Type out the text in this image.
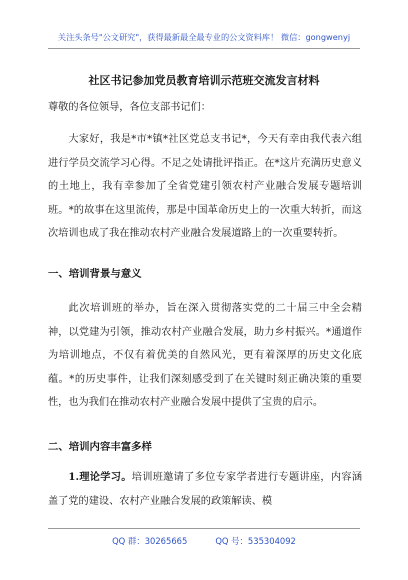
关注头条号"公文研究"，获得最新最全最专业的公文资料库！ 微信：gongwenyj
社区书记参加党员教育培训示范班交流发言材料
尊敬的各位领导，各位支部书记们：
大家好，我是*市*镇*社区党总支书记*，今天有幸由我代表六组进行学员交流学习心得。不足之处请批评指正。在*这片充满历史意义的土地上，我有幸参加了全省党建引领农村产业融合发展专题培训班。*的故事在这里流传，那是中国革命历史上的一次重大转折，而这次培训也成了我在推动农村产业融合发展道路上的一次重要转折。
一、培训背景与意义
此次培训班的举办，旨在深入贯彻落实党的二十届三中全会精神，以党建为引领，推动农村产业融合发展，助力乡村振兴。*通道作为培训地点，不仅有着优美的自然风光，更有着深厚的历史文化底蕴。*的历史事件，让我们深刻感受到了在关键时刻正确决策的重要性，也为我们在推动农村产业融合发展中提供了宝贵的启示。
二、培训内容丰富多样
1.理论学习。培训班邀请了多位专家学者进行专题讲座，内容涵盖了党的建设、农村产业融合发展的政策解读、模
QQ 群：30265665	QQ 号：535304092
